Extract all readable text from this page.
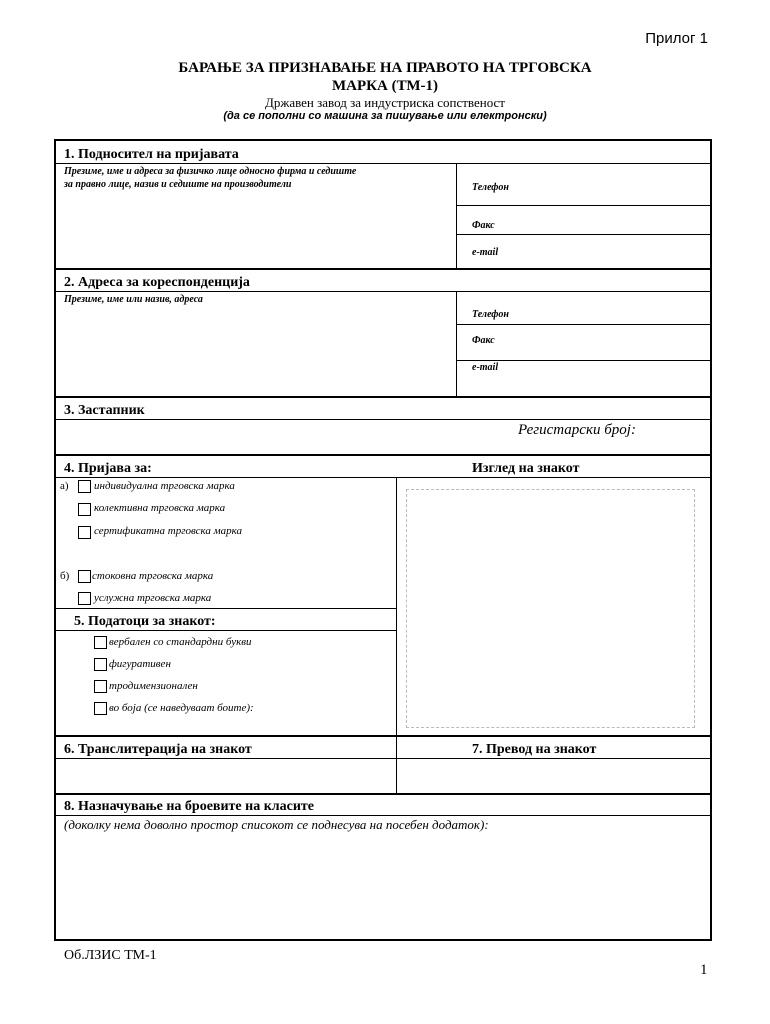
Прилог 1
БАРАЊЕ ЗА ПРИЗНАВАЊЕ НА ПРАВОТО НА ТРГОВСКА
МАРКА (ТМ-1)
Државен завод за индустриска сопственост
(да се пополни со машина за пишување или електронски)
1. Подносител на пријавата
Презиме, име и адреса за физичко лице односно фирма и седиште
за правно лице, назив и седиште на производители	Телефон
Факс
e-mail
2. Адреса за кореспонденција
Презиме, име или назив, адреса
Телефон
Факс
e-mail
3. Застапник
Регистарски број:
4. Пријава за:	Изглед на знакот
а) индивидуална трговска марка
колективна трговска марка
сертификатна трговска марка
б) стоковна трговска марка
услужна трговска марка
5. Податоци за знакот:
вербален со стандардни букви
фигуративен
тродимензионален
во боја (се наведуваат боите):
6. Транслитерација на знакот	7. Превод на знакот
8. Назначување на броевите на класите
(доколку нема доволно простор списокот се поднесува на посебен додаток):
Об.ЛЗИС ТМ-1
1
